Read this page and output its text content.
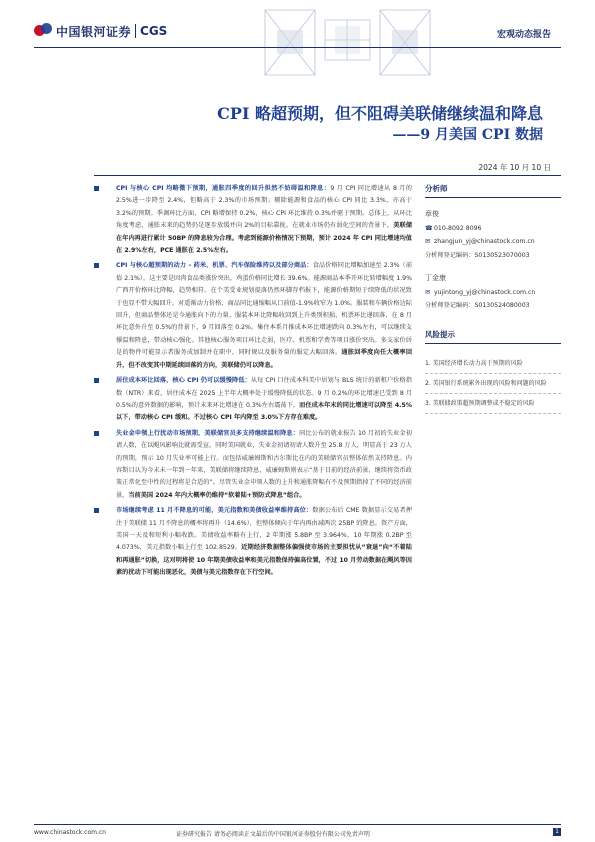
中国银河证券 CGS	宏观动态报告
CPI 略超预期，但不阻碍美联储继续温和降息
——9 月美国 CPI 数据
2024 年 10 月 10 日
CPI 与核心 CPI 均略微下预期，通胀四季度的回升担然不妨碍温和降息：9 月 CPI 同比增速从 8 月的 2.5%进一步降至 2.4%，但略高于 2.3%的市场预期；剔除能源和食品的核心 CPI 同比 3.3%，亦高于 3.2%的预期。季调环比方面，CPI 略增保持 0.2%，核心 CPI 环比维持 0.3%并驱于预期。总体上，从环比角度考虑，通胀未来的趋势仍是逐步放缓并向 2%的目标靠拢。在就业市场仍有弱化空间的背景下，美联储在年内再进行累计 50BP 的降息较为合理。考虑到能源价格情况下预期，预计 2024 年 CPI 同比增速均值在 2.9%左右，PCE 通胀在 2.5%左右。
CPI 与核心超预期的动力 – 药米、机票、汽车保险维持以及部分商品：食品价格同比增幅加速至 2.3%（前值 2.1%），这主要是因肉食品类涨价突出，鸡蛋价格同比增长 39.6%。能源商品本季开环比转增幅度 1.9% 广西开价格环比降幅，趋势相符。在个美受业规划提落仍然环脚存档报下，能源价格期短于续降低的状况致于也显不带大幅回升。对遥渐动力价格，商品同比通缩幅从口前值-1.9%收窄为 1.0%。服装和车辆价格边际回升，但商品整体还是今通胀向下的力量。服装本环比降幅收回到上升类别积损，机票环比递回落，在 8 月环比意外升至 0.5%的背景下，9 月回落至 0.2%。集住本系月推成本环比增速跌向 0.3%左右，可以继续支撑温和降息，带动核心强化。其他核心服务项目环比走弱，医疗、机票和学费等项目涨价突出。多支家价居是的物件可能显示者服务成加制并在职中，同时规以及服务量的服定大幅回落。通胀回季度向任大概率回升，但不改变其中期延续回落的方向，美联储仍可以降息。
居住成本环比回落，核心 CPI 仍可以缓慢降低：从每 CPI 口住成本科美中居划与 BLS 统计的新租户价格指数（NTR）来看，居住成本在 2025 上半年大概率处于缓慢降低的状态。9 月 0.2%的环比增速已受到 8 月 0.5%的意外数据的影响，预计未来环比增速在 0.3%左右震荡下，而住成本年末的同比增速可以降至 4.5%以下，带动核心 CPI 缓和。不过核心 CPI 年内降至 3.0%下方存在难度。
失业金申领上行扰动市场预期，美联储官员多支持继续温和降息：同比公布的就业报告 10 月初的失业金初请人数，在以飓风影响比就需受宣，同时美国就业，失业金初请初请人数升至 25.8 万人，明显高于 23 万人的预期，预示 10 月失业率可能上行。而包括威廉姆斯和古尔斯比在内的美联储官员整体依然支持降息。内容斯目认为今末未一年到一年来，美联储将继续降息，威廉姆斯则表示“基于目前的经济前景，继续将货币政策正常化至中性的过程将是合适的”。尽管失业金申领人数的上升和通胀降幅有不及预期指掉了不同的经济前景，当前美国 2024 年内大概率仍维持“软着陆+预防式降息”组合。
市场继续考虑 11 月不降息的可能，美元指数和美债收益率维持高位：数据公布后 CME 数据显示交易者押注于美联储 11 月不降息的概率将再升（14.6%），但整体倾向于年内再由减两次 25BP 的降息。资产方面，美国一天及和短利小幅收跌。美债收益率略有上行，2 年期涨 5.8BP 至 3.964%，10 年期涨 0.2BP 至 4.073%，美元指数小幅上行至 102.8529。近期经济数据整体偏强使市场的主要担忧从“衰退”向“不着陆和再通胀”切换，这对明将使 10 年期美债收益率和美元指数保持偏高位置，不过 10 月劳动数据在飓风等因素的扰动下可能出现恶化，美债与美元指数存在下行空间。
分析师
章俊
☎010-8092 8096
✉ zhangjun_yj@chinastock.com.cn
分析师登记编码：S0130523070003
丁金康
✉ yujintong_yj@chinastock.com.cn
分析师登记编码：S0130524080003
风险提示
1. 美国经济增长动力高于预期的风险
2. 美国银行系统累外出现的风险和问题的风险
3. 美联储政策超预期调整或不稳定的风险
www.chinastock.com.cn	证券研究报告 请务必阅读正文最后的中国银河证券股份有限公司免责声明	1
